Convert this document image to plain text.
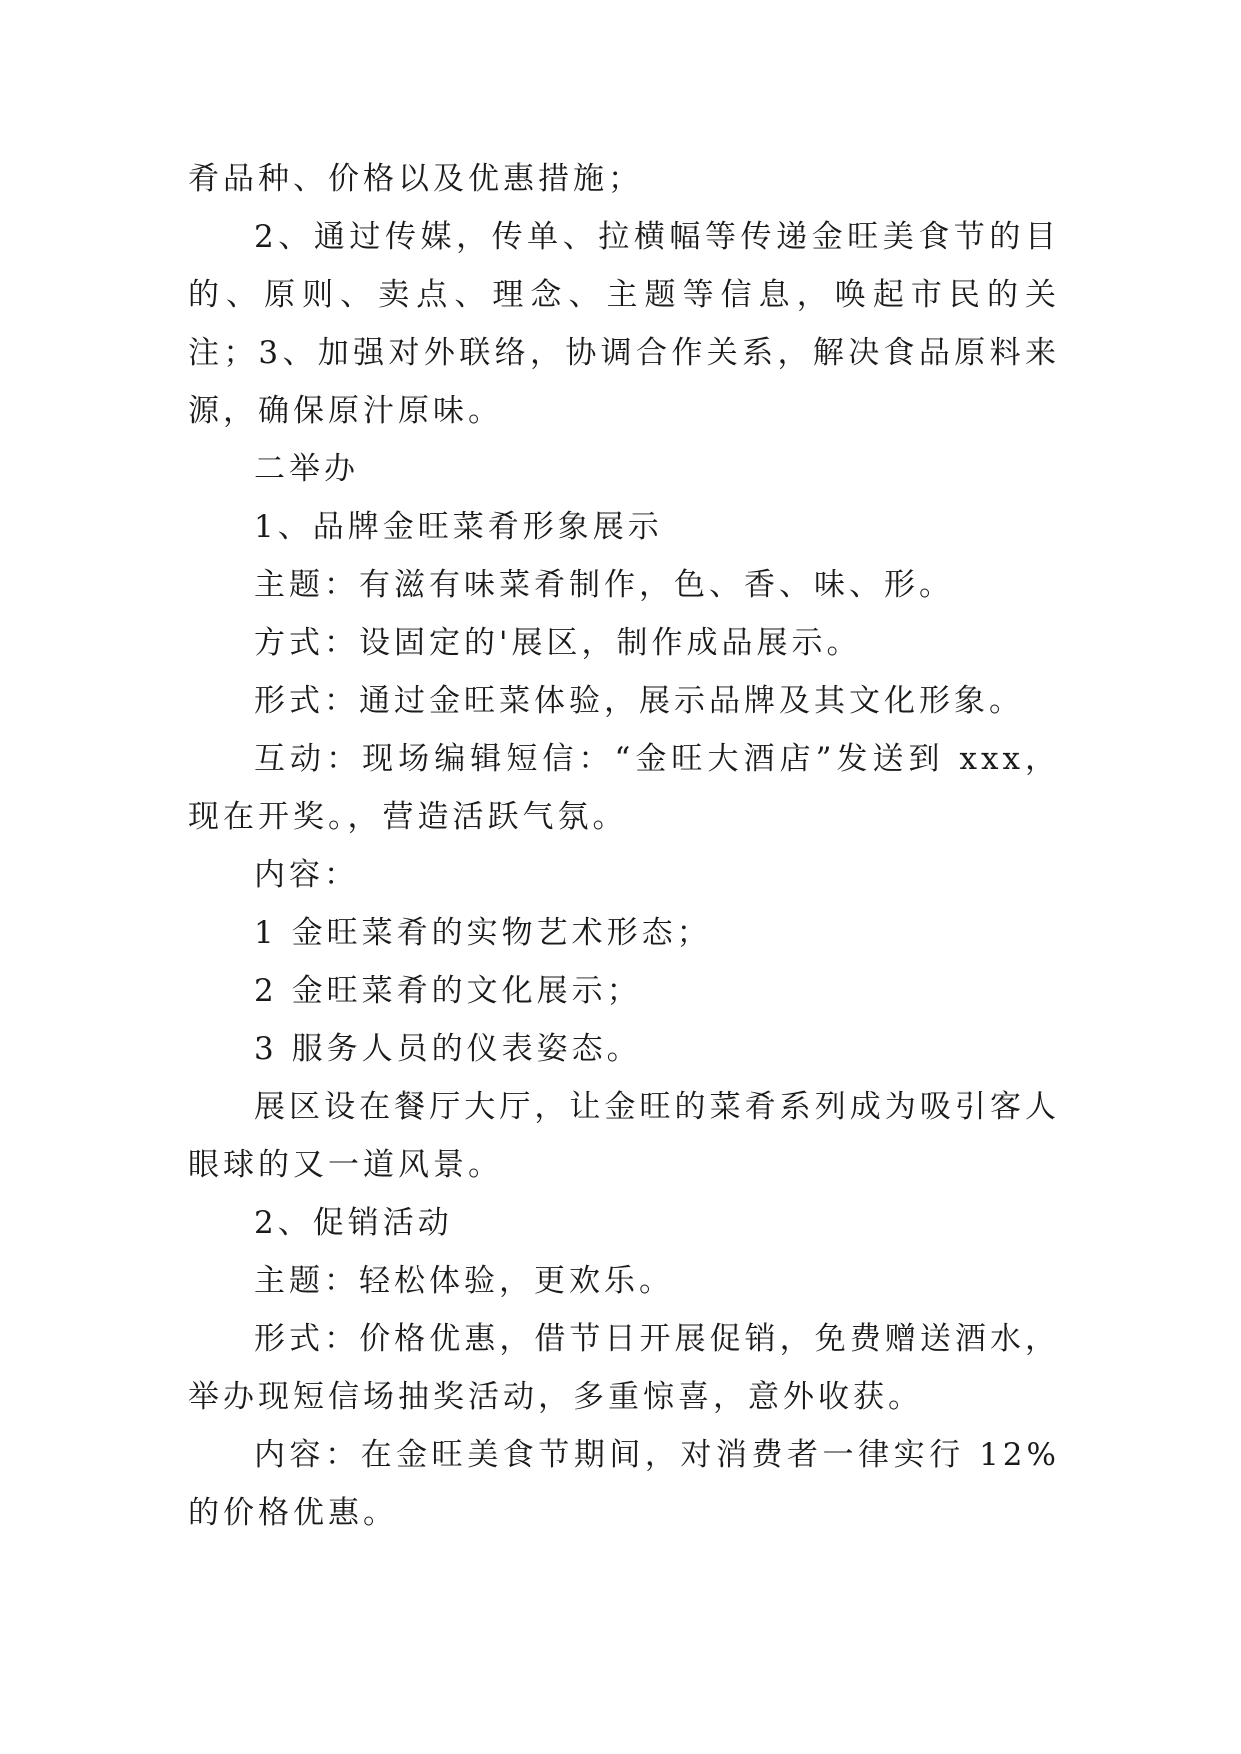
肴品种、价格以及优惠措施；

2、通过传媒，传单、拉横幅等传递金旺美食节的目的、原则、卖点、理念、主题等信息，唤起市民的关注；3、加强对外联络，协调合作关系，解决食品原料来源，确保原汁原味。

二举办

1、品牌金旺菜肴形象展示

主题：有滋有味菜肴制作，色、香、味、形。

方式：设固定的'展区，制作成品展示。

形式：通过金旺菜体验，展示品牌及其文化形象。

互动：现场编辑短信：“金旺大酒店”发送到 xxx，现在开奖。，营造活跃气氛。

内容：

1 金旺菜肴的实物艺术形态；

2 金旺菜肴的文化展示；

3 服务人员的仪表姿态。

展区设在餐厅大厅，让金旺的菜肴系列成为吸引客人眼球的又一道风景。

2、促销活动

主题：轻松体验，更欢乐。

形式：价格优惠，借节日开展促销，免费赠送酒水，举办现短信场抽奖活动，多重惊喜，意外收获。

内容：在金旺美食节期间，对消费者一律实行 12%的价格优惠。
